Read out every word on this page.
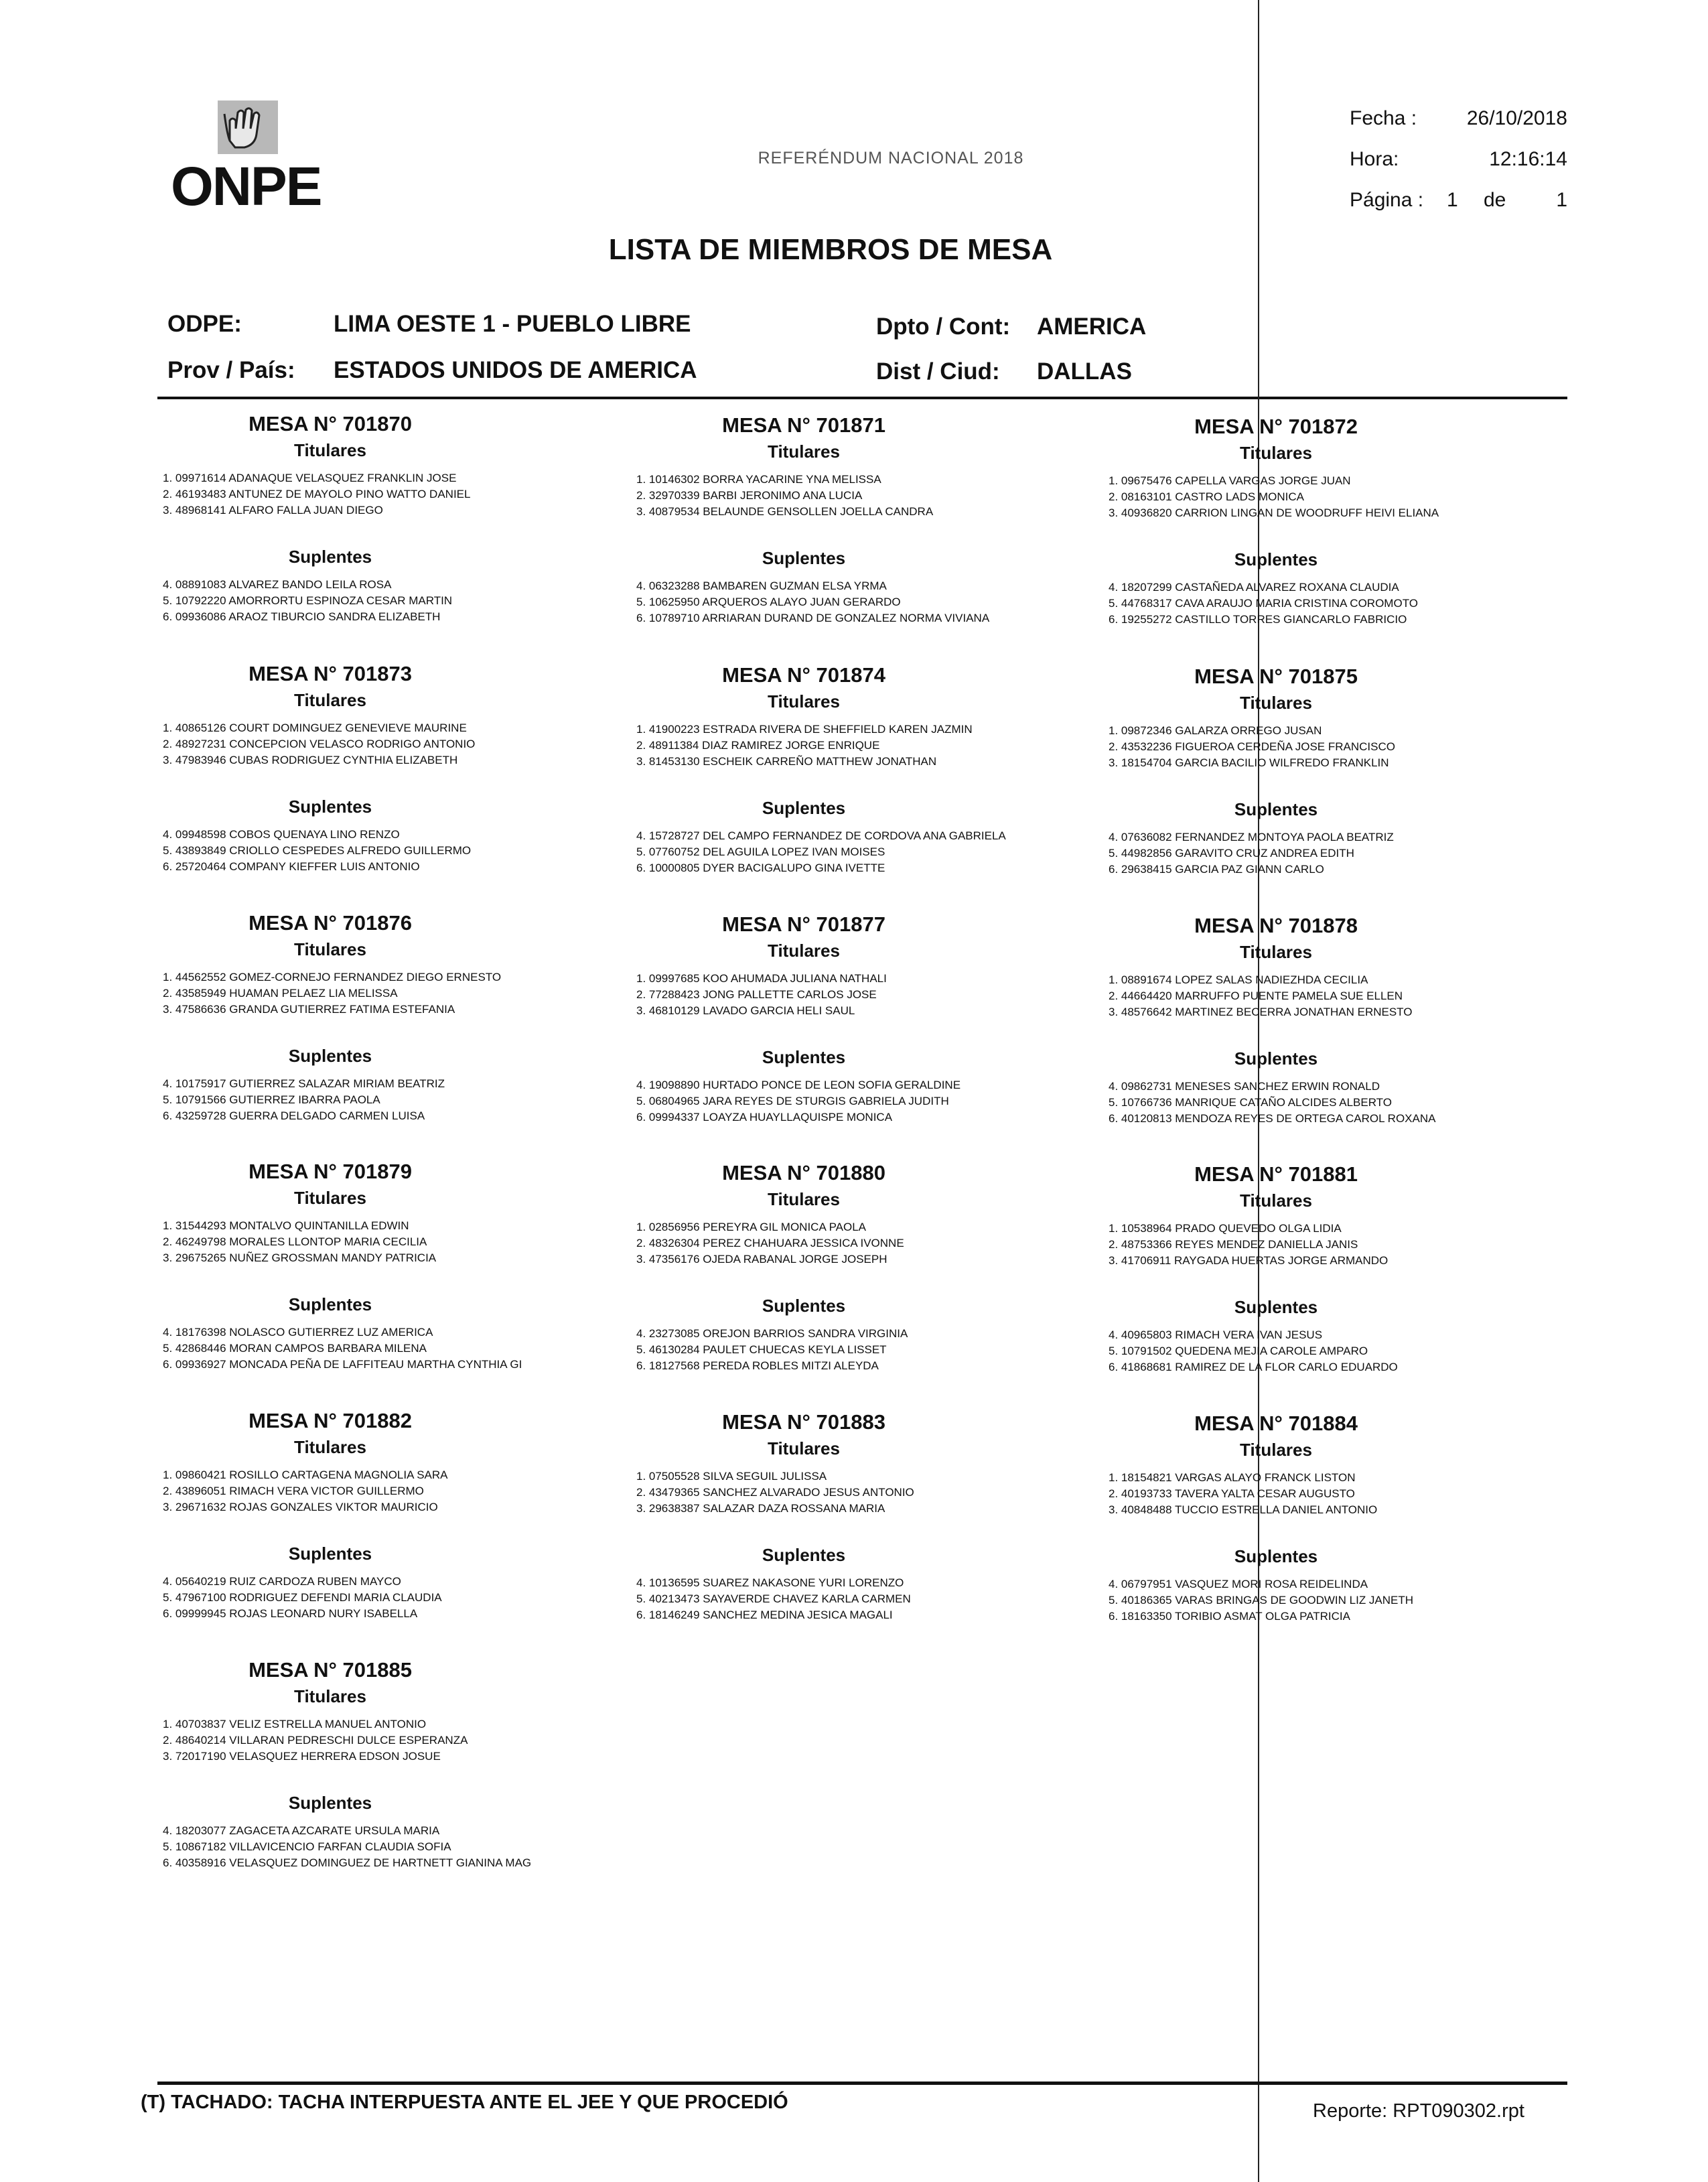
ONPE	REFERÉNDUM NACIONAL 2018
Fecha : 26/10/2018
Hora:	12:16:14
Página : 1 de 1
LISTA DE MIEMBROS DE MESA
ODPE:	LIMA OESTE 1 - PUEBLO LIBRE	Dpto / Cont: AMERICA
Prov / País: ESTADOS UNIDOS DE AMERICA	Dist / Ciud: DALLAS
MESA N° 701870
Titulares
1. 09971614 ADANAQUE VELASQUEZ FRANKLIN JOSE
2. 46193483 ANTUNEZ DE MAYOLO PINO WATTO DANIEL
3. 48968141 ALFARO FALLA JUAN DIEGO
Suplentes
4. 08891083 ALVAREZ BANDO LEILA ROSA
5. 10792220 AMORRORTU ESPINOZA CESAR MARTIN
6. 09936086 ARAOZ TIBURCIO SANDRA ELIZABETH
MESA N° 701871
Titulares
1. 10146302 BORRA YACARINE YNA MELISSA
2. 32970339 BARBI JERONIMO ANA LUCIA
3. 40879534 BELAUNDE GENSOLLEN JOELLA CANDRA
Suplentes
4. 06323288 BAMBAREN GUZMAN ELSA YRMA
5. 10625950 ARQUEROS ALAYO JUAN GERARDO
6. 10789710 ARRIARAN DURAND DE GONZALEZ NORMA VIVIANA
MESA N° 701872
Titulares
1. 09675476 CAPELLA VARGAS JORGE JUAN
2. 08163101 CASTRO LADS MONICA
3. 40936820 CARRION LINGAN DE WOODRUFF HEIVI ELIANA
Suplentes
4. 18207299 CASTAÑEDA ALVAREZ ROXANA CLAUDIA
5. 44768317 CAVA ARAUJO MARIA CRISTINA COROMOTO
6. 19255272 CASTILLO TORRES GIANCARLO FABRICIO
MESA N° 701873
Titulares
1. 40865126 COURT DOMINGUEZ GENEVIEVE MAURINE
2. 48927231 CONCEPCION VELASCO RODRIGO ANTONIO
3. 47983946 CUBAS RODRIGUEZ CYNTHIA ELIZABETH
Suplentes
4. 09948598 COBOS QUENAYA LINO RENZO
5. 43893849 CRIOLLO CESPEDES ALFREDO GUILLERMO
6. 25720464 COMPANY KIEFFER LUIS ANTONIO
MESA N° 701874
Titulares
1. 41900223 ESTRADA RIVERA DE SHEFFIELD KAREN JAZMIN
2. 48911384 DIAZ RAMIREZ JORGE ENRIQUE
3. 81453130 ESCHEIK CARREÑO MATTHEW JONATHAN
Suplentes
4. 15728727 DEL CAMPO FERNANDEZ DE CORDOVA ANA GABRIELA
5. 07760752 DEL AGUILA LOPEZ IVAN MOISES
6. 10000805 DYER BACIGALUPO GINA IVETTE
MESA N° 701875
Titulares
1. 09872346 GALARZA ORREGO JUSAN
2. 43532236 FIGUEROA CERDEÑA JOSE FRANCISCO
3. 18154704 GARCIA BACILIO WILFREDO FRANKLIN
Suplentes
4. 07636082 FERNANDEZ MONTOYA PAOLA BEATRIZ
5. 44982856 GARAVITO CRUZ ANDREA EDITH
6. 29638415 GARCIA PAZ GIANN CARLO
MESA N° 701876
Titulares
1. 44562552 GOMEZ-CORNEJO FERNANDEZ DIEGO ERNESTO
2. 43585949 HUAMAN PELAEZ LIA MELISSA
3. 47586636 GRANDA GUTIERREZ FATIMA ESTEFANIA
Suplentes
4. 10175917 GUTIERREZ SALAZAR MIRIAM BEATRIZ
5. 10791566 GUTIERREZ IBARRA PAOLA
6. 43259728 GUERRA DELGADO CARMEN LUISA
MESA N° 701877
Titulares
1. 09997685 KOO AHUMADA JULIANA NATHALI
2. 77288423 JONG PALLETTE CARLOS JOSE
3. 46810129 LAVADO GARCIA HELI SAUL
Suplentes
4. 19098890 HURTADO PONCE DE LEON SOFIA GERALDINE
5. 06804965 JARA REYES DE STURGIS GABRIELA JUDITH
6. 09994337 LOAYZA HUAYLLAQUISPE MONICA
MESA N° 701878
Titulares
1. 08891674 LOPEZ SALAS NADIEZHDA CECILIA
2. 44664420 MARRUFFO PUENTE PAMELA SUE ELLEN
3. 48576642 MARTINEZ BECERRA JONATHAN ERNESTO
Suplentes
4. 09862731 MENESES SANCHEZ ERWIN RONALD
5. 10766736 MANRIQUE CATAÑO ALCIDES ALBERTO
6. 40120813 MENDOZA REYES DE ORTEGA CAROL ROXANA
MESA N° 701879
Titulares
1. 31544293 MONTALVO QUINTANILLA EDWIN
2. 46249798 MORALES LLONTOP MARIA CECILIA
3. 29675265 NUÑEZ GROSSMAN MANDY PATRICIA
Suplentes
4. 18176398 NOLASCO GUTIERREZ LUZ AMERICA
5. 42868446 MORAN CAMPOS BARBARA MILENA
6. 09936927 MONCADA PEÑA DE LAFFITEAU MARTHA CYNTHIA GI
MESA N° 701880
Titulares
1. 02856956 PEREYRA GIL MONICA PAOLA
2. 48326304 PEREZ CHAHUARA JESSICA IVONNE
3. 47356176 OJEDA RABANAL JORGE JOSEPH
Suplentes
4. 23273085 OREJON BARRIOS SANDRA VIRGINIA
5. 46130284 PAULET CHUECAS KEYLA LISSET
6. 18127568 PEREDA ROBLES MITZI ALEYDA
MESA N° 701881
Titulares
1. 10538964 PRADO QUEVEDO OLGA LIDIA
2. 48753366 REYES MENDEZ DANIELLA JANIS
3. 41706911 RAYGADA HUERTAS JORGE ARMANDO
Suplentes
4. 40965803 RIMACH VERA IVAN JESUS
5. 10791502 QUEDENA MEJIA CAROLE AMPARO
6. 41868681 RAMIREZ DE LA FLOR CARLO EDUARDO
MESA N° 701882
Titulares
1. 09860421 ROSILLO CARTAGENA MAGNOLIA SARA
2. 43896051 RIMACH VERA VICTOR GUILLERMO
3. 29671632 ROJAS GONZALES VIKTOR MAURICIO
Suplentes
4. 05640219 RUIZ CARDOZA RUBEN MAYCO
5. 47967100 RODRIGUEZ DEFENDI MARIA CLAUDIA
6. 09999945 ROJAS LEONARD NURY ISABELLA
MESA N° 701883
Titulares
1. 07505528 SILVA SEGUIL JULISSA
2. 43479365 SANCHEZ ALVARADO JESUS ANTONIO
3. 29638387 SALAZAR DAZA ROSSANA MARIA
Suplentes
4. 10136595 SUAREZ NAKASONE YURI LORENZO
5. 40213473 SAYAVERDE CHAVEZ KARLA CARMEN
6. 18146249 SANCHEZ MEDINA JESICA MAGALI
MESA N° 701884
Titulares
1. 18154821 VARGAS ALAYO FRANCK LISTON
2. 40193733 TAVERA YALTA CESAR AUGUSTO
3. 40848488 TUCCIO ESTRELLA DANIEL ANTONIO
Suplentes
4. 06797951 VASQUEZ MORI ROSA REIDELINDA
5. 40186365 VARAS BRINGAS DE GOODWIN LIZ JANETH
6. 18163350 TORIBIO ASMAT OLGA PATRICIA
MESA N° 701885
Titulares
1. 40703837 VELIZ ESTRELLA MANUEL ANTONIO
2. 48640214 VILLARAN PEDRESCHI DULCE ESPERANZA
3. 72017190 VELASQUEZ HERRERA EDSON JOSUE
Suplentes
4. 18203077 ZAGACETA AZCARATE URSULA MARIA
5. 10867182 VILLAVICENCIO FARFAN CLAUDIA SOFIA
6. 40358916 VELASQUEZ DOMINGUEZ DE HARTNETT GIANINA MAG
(T) TACHADO: TACHA INTERPUESTA ANTE EL JEE Y QUE PROCEDIÓ	Reporte: RPT090302.rpt
